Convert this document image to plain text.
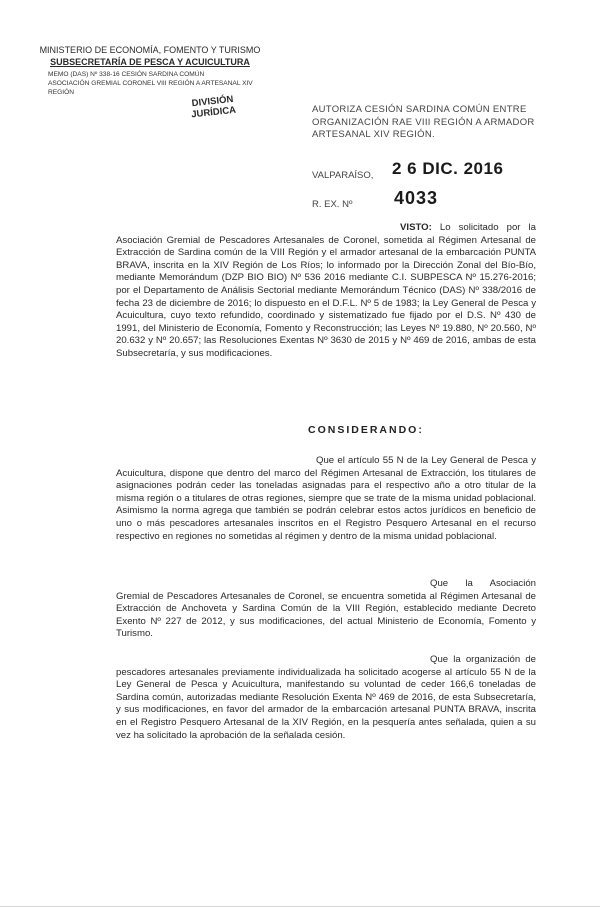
MINISTERIO DE ECONOMÍA, FOMENTO Y TURISMO
SUBSECRETARÍA DE PESCA Y ACUICULTURA
MEMO (DAS) Nº 338-16 CESIÓN SARDINA COMÚN
ASOCIACIÓN GREMIAL CORONEL VIII REGIÓN A ARTESANAL XIV
REGIÓN
DIVISIÓN
JURÍDICA	AUTORIZA CESIÓN SARDINA COMÚN ENTRE ORGANIZACIÓN RAE VIII REGIÓN A ARMADOR ARTESANAL XIV REGIÓN.
VALPARAÍSO, 2 6 DIC. 2016
R. EX. Nº 4033
VISTO: Lo solicitado por la Asociación Gremial de Pescadores Artesanales de Coronel, sometida al Régimen Artesanal de Extracción de Sardina común de la VIII Región y el armador artesanal de la embarcación PUNTA BRAVA, inscrita en la XIV Región de Los Ríos; lo informado por la Dirección Zonal del Bío-Bío, mediante Memorándum (DZP BIO BIO) Nº 536 2016 mediante C.I. SUBPESCA Nº 15.276-2016; por el Departamento de Análisis Sectorial mediante Memorándum Técnico (DAS) Nº 338/2016 de fecha 23 de diciembre de 2016; lo dispuesto en el D.F.L. Nº 5 de 1983; la Ley General de Pesca y Acuicultura, cuyo texto refundido, coordinado y sistematizado fue fijado por el D.S. Nº 430 de 1991, del Ministerio de Economía, Fomento y Reconstrucción; las Leyes Nº 19.880, Nº 20.560, Nº 20.632 y Nº 20.657; las Resoluciones Exentas Nº 3630 de 2015 y Nº 469 de 2016, ambas de esta Subsecretaría, y sus modificaciones.
CONSIDERANDO:
Que el artículo 55 N de la Ley General de Pesca y Acuicultura, dispone que dentro del marco del Régimen Artesanal de Extracción, los titulares de asignaciones podrán ceder las toneladas asignadas para el respectivo año a otro titular de la misma región o a titulares de otras regiones, siempre que se trate de la misma unidad poblacional. Asimismo la norma agrega que también se podrán celebrar estos actos jurídicos en beneficio de uno o más pescadores artesanales inscritos en el Registro Pesquero Artesanal en el recurso respectivo en regiones no sometidas al régimen y dentro de la misma unidad poblacional.
Que la Asociación Gremial de Pescadores Artesanales de Coronel, se encuentra sometida al Régimen Artesanal de Extracción de Anchoveta y Sardina Común de la VIII Región, establecido mediante Decreto Exento Nº 227 de 2012, y sus modificaciones, del actual Ministerio de Economía, Fomento y Turismo.
Que la organización de pescadores artesanales previamente individualizada ha solicitado acogerse al artículo 55 N de la Ley General de Pesca y Acuicultura, manifestando su voluntad de ceder 166,6 toneladas de Sardina común, autorizadas mediante Resolución Exenta Nº 469 de 2016, de esta Subsecretaría, y sus modificaciones, en favor del armador de la embarcación artesanal PUNTA BRAVA, inscrita en el Registro Pesquero Artesanal de la XIV Región, en la pesquería antes señalada, quien a su vez ha solicitado la aprobación de la señalada cesión.
